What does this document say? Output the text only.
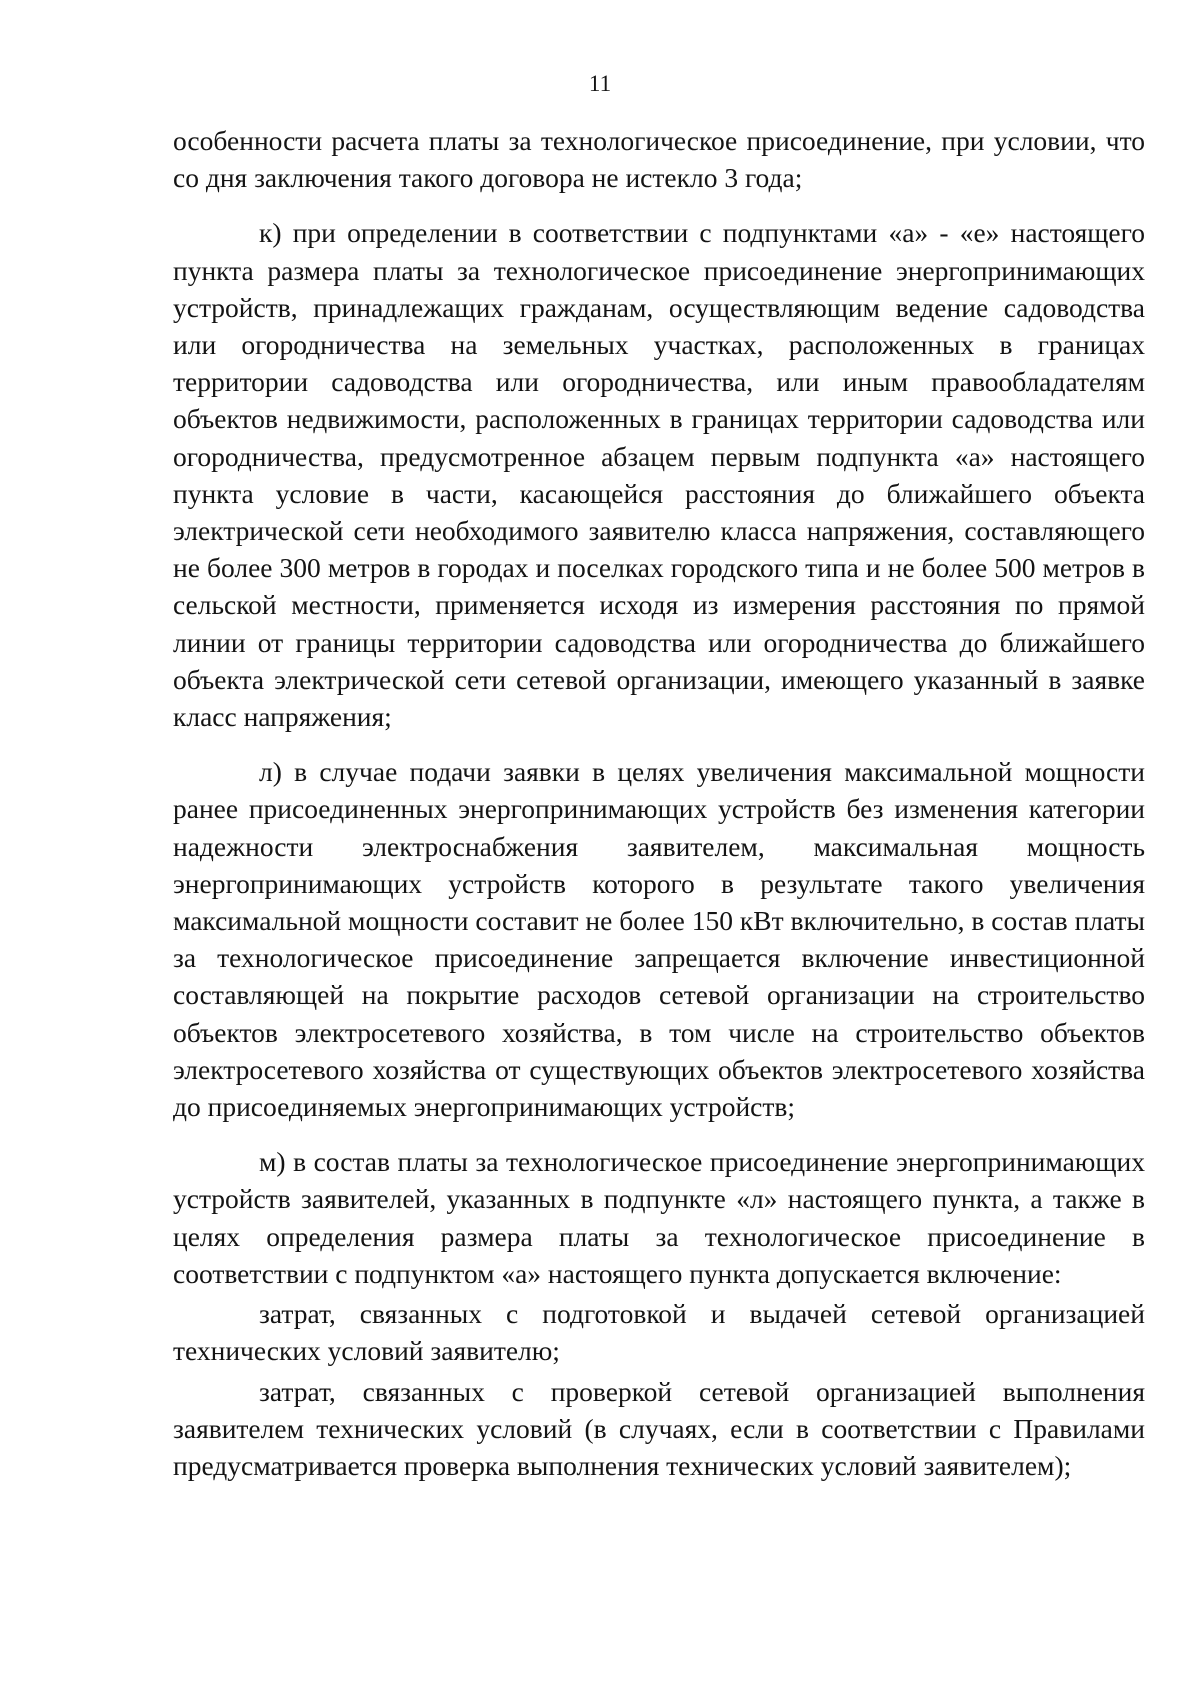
11

особенности расчета платы за технологическое присоединение, при условии, что со дня заключения такого договора не истекло 3 года;

к) при определении в соответствии с подпунктами «а» - «е» настоящего пункта размера платы за технологическое присоединение энергопринимающих устройств, принадлежащих гражданам, осуществляющим ведение садоводства или огородничества на земельных участках, расположенных в границах территории садоводства или огородничества, или иным правообладателям объектов недвижимости, расположенных в границах территории садоводства или огородничества, предусмотренное абзацем первым подпункта «а» настоящего пункта условие в части, касающейся расстояния до ближайшего объекта электрической сети необходимого заявителю класса напряжения, составляющего не более 300 метров в городах и поселках городского типа и не более 500 метров в сельской местности, применяется исходя из измерения расстояния по прямой линии от границы территории садоводства или огородничества до ближайшего объекта электрической сети сетевой организации, имеющего указанный в заявке класс напряжения;

л) в случае подачи заявки в целях увеличения максимальной мощности ранее присоединенных энергопринимающих устройств без изменения категории надежности электроснабжения заявителем, максимальная мощность энергопринимающих устройств которого в результате такого увеличения максимальной мощности составит не более 150 кВт включительно, в состав платы за технологическое присоединение запрещается включение инвестиционной составляющей на покрытие расходов сетевой организации на строительство объектов электросетевого хозяйства, в том числе на строительство объектов электросетевого хозяйства от существующих объектов электросетевого хозяйства до присоединяемых энергопринимающих устройств;

м) в состав платы за технологическое присоединение энергопринимающих устройств заявителей, указанных в подпункте «л» настоящего пункта, а также в целях определения размера платы за технологическое присоединение в соответствии с подпунктом «а» настоящего пункта допускается включение:

затрат, связанных с подготовкой и выдачей сетевой организацией технических условий заявителю;

затрат, связанных с проверкой сетевой организацией выполнения заявителем технических условий (в случаях, если в соответствии с Правилами предусматривается проверка выполнения технических условий заявителем);
